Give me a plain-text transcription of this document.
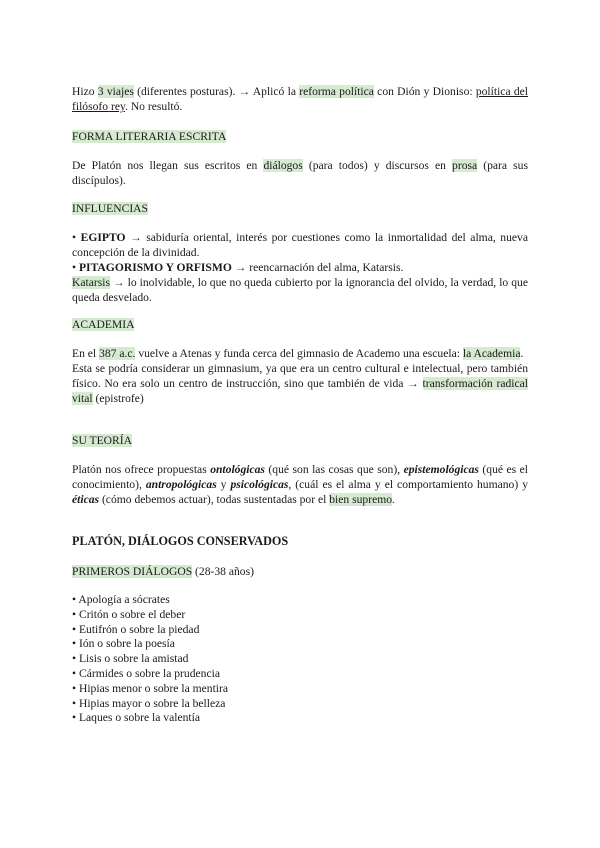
Hizo 3 viajes (diferentes posturas). → Aplicó la reforma política con Dión y Dioniso: política del filósofo rey. No resultó.

FORMA LITERARIA ESCRITA

De Platón nos llegan sus escritos en diálogos (para todos) y discursos en prosa (para sus discípulos).

INFLUENCIAS

• EGIPTO → sabiduría oriental, interés por cuestiones como la inmortalidad del alma, nueva concepción de la divinidad.
• PITAGORISMO Y ORFISMO → reencarnación del alma, Katarsis.
Katarsis → lo inolvidable, lo que no queda cubierto por la ignorancia del olvido, la verdad, lo que queda desvelado.

ACADEMIA

En el 387 a.c. vuelve a Atenas y funda cerca del gimnasio de Academo una escuela: la Academia.
Esta se podría considerar un gimnasium, ya que era un centro cultural e intelectual, pero también físico. No era solo un centro de instrucción, sino que también de vida → transformación radical vital (epistrofe)

SU TEORÍA

Platón nos ofrece propuestas ontológicas (qué son las cosas que son), epistemológicas (qué es el conocimiento), antropológicas y psicológicas, (cuál es el alma y el comportamiento humano) y éticas (cómo debemos actuar), todas sustentadas por el bien supremo.

PLATÓN, DIÁLOGOS CONSERVADOS

PRIMEROS DIÁLOGOS (28-38 años)

• Apología a sócrates
• Critón o sobre el deber
• Eutifrón o sobre la piedad
• Ión o sobre la poesía
• Lisis o sobre la amistad
• Cármides o sobre la prudencia
• Hipias menor o sobre la mentira
• Hipias mayor o sobre la belleza
• Laques o sobre la valentía
